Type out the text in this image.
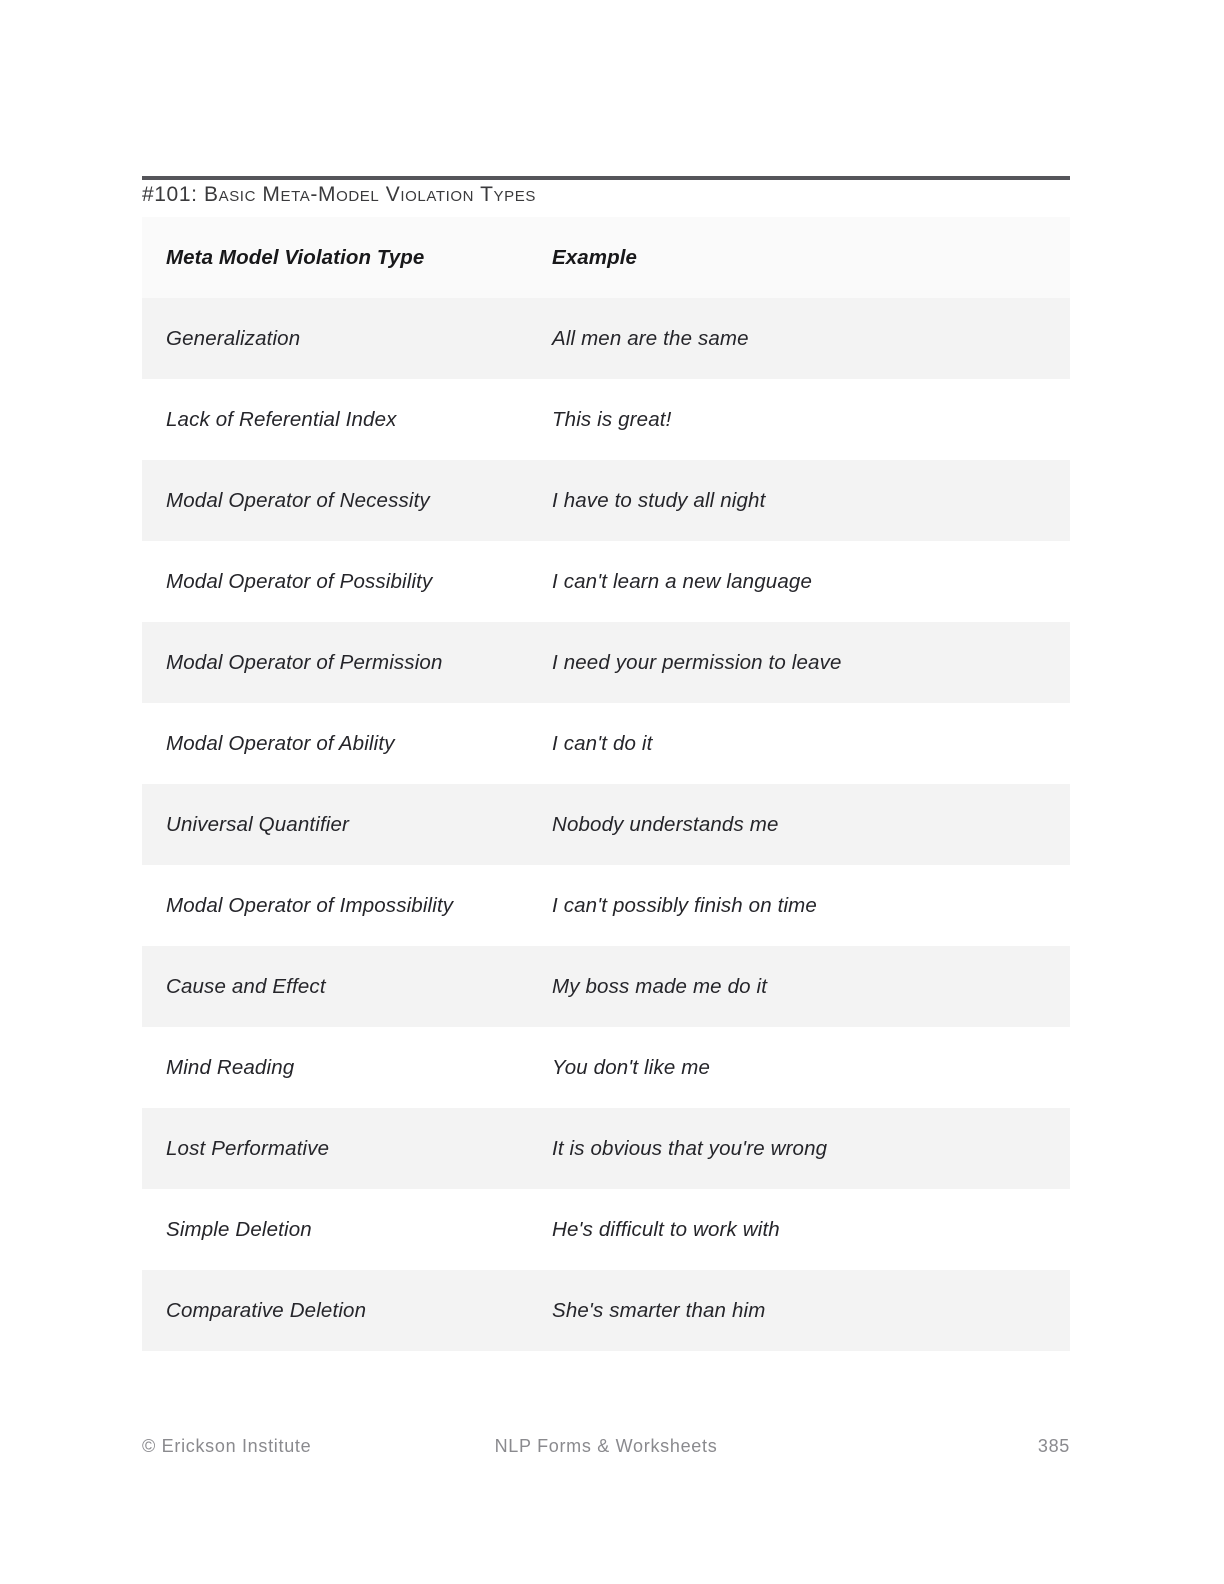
#101: Basic Meta-Model Violation Types
Meta Model Violation Type	Example
Generalization	All men are the same
Lack of Referential Index	This is great!
Modal Operator of Necessity	I have to study all night
Modal Operator of Possibility	I can't learn a new language
Modal Operator of Permission	I need your permission to leave
Modal Operator of Ability	I can't do it
Universal Quantifier	Nobody understands me
Modal Operator of Impossibility	I can't possibly finish on time
Cause and Effect	My boss made me do it
Mind Reading	You don't like me
Lost Performative	It is obvious that you're wrong
Simple Deletion	He's difficult to work with
Comparative Deletion	She's smarter than him
© Erickson Institute	NLP Forms & Worksheets	385
